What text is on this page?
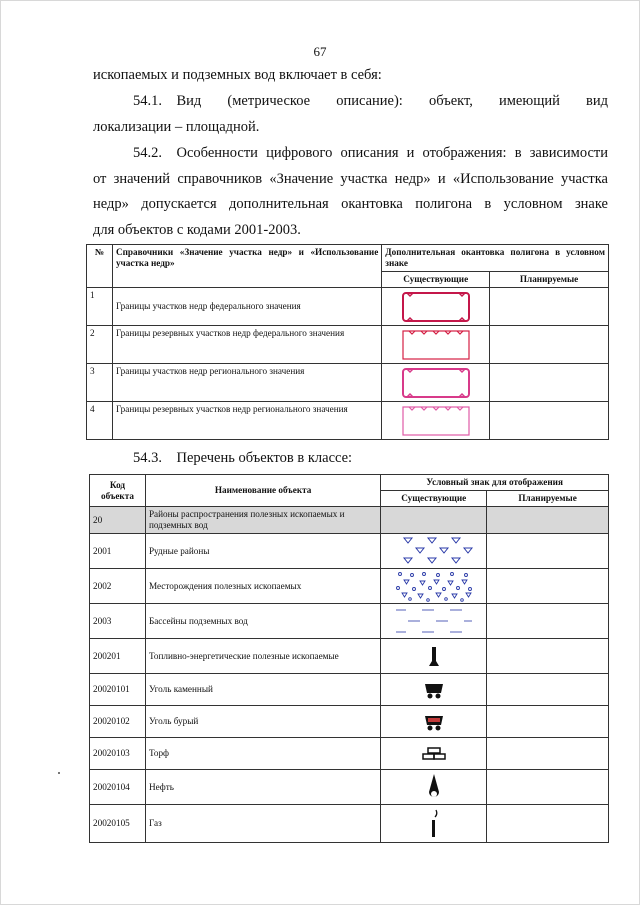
67

ископаемых и подземных вод включает в себя:

54.1. Вид (метрическое описание): объект, имеющий вид
локализации – площадной.

54.2. Особенности цифрового описания и отображения: в зависимости
от значений справочников «Значение участка недр» и «Использование участка
недр» допускается дополнительная окантовка полигона в условном знаке
для объектов с кодами 2001-2003.

№	Справочники «Значение участка недр» и «Использование участка недр»	Дополнительная окантовка полигона в условном знаке	
		Существующие	Планируемые
1	Границы участков недр федерального значения	

2	Границы резервных участков недр федерального значения	

3	Границы участков недр регионального значения	

4	Границы резервных участков недр регионального значения	

54.3. Перечень объектов в классе:

Код объекта	Наименование объекта	Условный знак для отображения	
		Существующие	Планируемые
20	Районы распространения полезных ископаемых и подземных вод		
2001	Рудные районы	

2002	Месторождения полезных ископаемых	

2003	Бассейны подземных вод	

200201	Топливно-энергетические полезные ископаемые	

20020101	Уголь каменный	

20020102	Уголь бурый	

20020103	Торф	

20020104	Нефть	

20020105	Газ	
